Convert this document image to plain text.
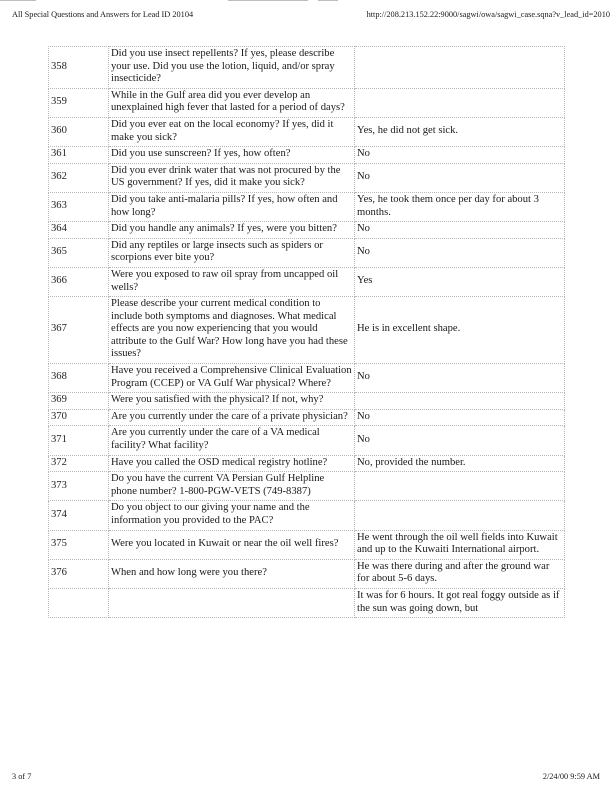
All Special Questions and Answers for Lead ID 20104	http://208.213.152.22:9000/sagwi/owa/sagwi_case.sqna?v_lead_id=2010
358	Did you use insect repellents? If yes, please describe your use. Did you use the lotion, liquid, and/or spray insecticide?	
359	While in the Gulf area did you ever develop an unexplained high fever that lasted for a period of days?	
360	Did you ever eat on the local economy? If yes, did it make you sick?	Yes, he did not get sick.
361	Did you use sunscreen? If yes, how often?	No
362	Did you ever drink water that was not procured by the US government? If yes, did it make you sick?	No
363	Did you take anti-malaria pills? If yes, how often and how long?	Yes, he took them once per day for about 3 months.
364	Did you handle any animals? If yes, were you bitten?	No
365	Did any reptiles or large insects such as spiders or scorpions ever bite you?	No
366	Were you exposed to raw oil spray from uncapped oil wells?	Yes
367	Please describe your current medical condition to include both symptoms and diagnoses. What medical effects are you now experiencing that you would attribute to the Gulf War? How long have you had these issues?	He is in excellent shape.
368	Have you received a Comprehensive Clinical Evaluation Program (CCEP) or VA Gulf War physical? Where?	No
369	Were you satisfied with the physical? If not, why?	
370	Are you currently under the care of a private physician?	No
371	Are you currently under the care of a VA medical facility? What facility?	No
372	Have you called the OSD medical registry hotline?	No, provided the number.
373	Do you have the current VA Persian Gulf Helpline phone number? 1-800-PGW-VETS (749-8387)	
374	Do you object to our giving your name and the information you provided to the PAC?	
375	Were you located in Kuwait or near the oil well fires?	He went through the oil well fields into Kuwait and up to the Kuwaiti International airport.
376	When and how long were you there?	He was there during and after the ground war for about 5-6 days.
		It was for 6 hours. It got real foggy outside as if the sun was going down, but
3 of 7	2/24/00 9:59 AM
